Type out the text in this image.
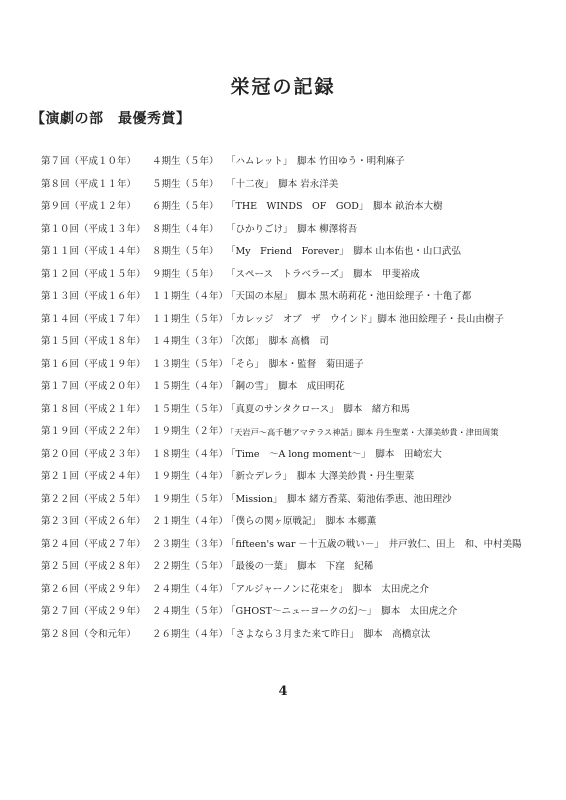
栄冠の記録
【演劇の部　最優秀賞】
第７回（平成１０年） ４期生（５年） 「ハムレット」　脚本 竹田ゆう・明利麻子
第８回（平成１１年） ５期生（５年） 「十二夜」　脚本 岩永洋美
第９回（平成１２年） ６期生（５年） 「THE　WINDS　OF　GOD」　脚本 畝治本大樹
第１０回（平成１３年） ８期生（４年） 「ひかりごけ」　脚本 柳澤将吾
第１１回（平成１４年） ８期生（５年） 「My　Friend　Forever」　脚本 山本佑也・山口武弘
第１２回（平成１５年） ９期生（５年） 「スペース　トラベラーズ」　脚本　甲斐裕成
第１３回（平成１６年） １１期生（４年）
「天国の本屋」　脚本 黒木萌莉花・池田絵理子・十亀了都
第１４回（平成１７年） １１期生（５年）
「カレッジ　オブ　ザ　ウインド」脚本 池田絵理子・長山由樹子
第１５回（平成１８年） １４期生（３年）
「次郎」　脚本 高橋　司
第１６回（平成１９年） １３期生（５年）
「そら」　脚本・監督　菊田遥子
第１７回（平成２０年） １５期生（４年）
「鋼の雪」　脚本　成田明花
第１８回（平成２１年） １５期生（５年）
「真夏のサンタクロース」　脚本　緒方和馬
第１９回（平成２２年） １９期生（２年）
「天岩戸〜高千穂アマテラス神話」脚本 丹生聖菜・大澤美紗貴・津田周策
第２０回（平成２３年） １８期生（４年）
「Time　〜A long moment〜」　脚本　田崎宏大
第２１回（平成２４年） １９期生（４年）
「新☆デレラ」　脚本 大澤美紗貴・丹生聖菜
第２２回（平成２５年） １９期生（５年）
「Mission」　脚本 緒方香菜、菊池佑季恵、池田理沙
第２３回（平成２６年） ２１期生（４年）
「僕らの関ヶ原戦記」　脚本 本郷薫
第２４回（平成２７年） ２３期生（３年）
「fifteen's war －十五歳の戦い－」　井戸敦仁、田上　和、中村美陽
第２５回（平成２８年） ２２期生（５年）
「最後の一葉」　脚本　下窪　紀稀
第２６回（平成２９年） ２４期生（４年）
「アルジャーノンに花束を」　脚本　太田虎之介
第２７回（平成２９年） ２４期生（５年）
「GHOST〜ニューヨークの幻〜」　脚本　太田虎之介
第２８回（令和元年） ２６期生（４年）
「さよなら３月また来て昨日」　脚本　高橋京汰
4
